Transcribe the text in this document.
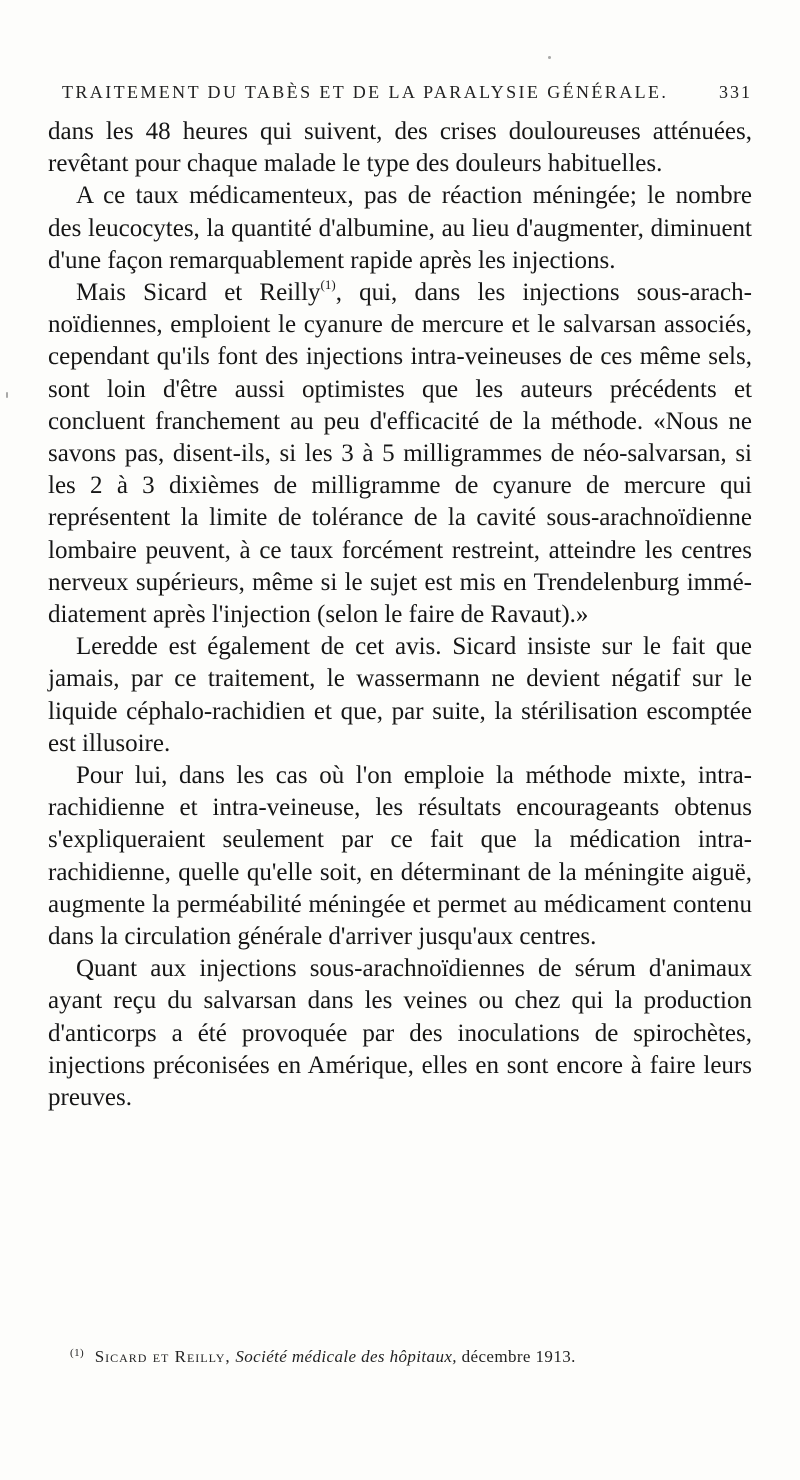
TRAITEMENT DU TABÈS ET DE LA PARALYSIE GÉNÉRALE.	331

dans les 48 heures qui suivent, des crises douloureuses atténuées, revêtant pour chaque malade le type des douleurs habituelles.

A ce taux médicamenteux, pas de réaction méningée; le nombre des leucocytes, la quantité d'albumine, au lieu d'augmenter, diminuent d'une façon remarquablement rapide après les injections.

Mais Sicard et Reilly$^{(1)}$, qui, dans les injections sous-arachnoïdiennes, emploient le cyanure de mercure et le salvarsan associés, cependant qu'ils font des injections intra-veineuses de ces même sels, sont loin d'être aussi optimistes que les auteurs précédents et concluent franchement au peu d'efficacité de la méthode. «Nous ne savons pas, disent-ils, si les 3 à 5 milligrammes de néo-salvarsan, si les 2 à 3 dixièmes de milligramme de cyanure de mercure qui représentent la limite de tolérance de la cavité sous-arachnoïdienne lombaire peuvent, à ce taux forcément restreint, atteindre les centres nerveux supérieurs, même si le sujet est mis en Trendelenburg immédiatement après l'injection (selon le faire de Ravaut).»

Leredde est également de cet avis. Sicard insiste sur le fait que jamais, par ce traitement, le wassermann ne devient négatif sur le liquide céphalo-rachidien et que, par suite, la stérilisation escomptée est illusoire.

Pour lui, dans les cas où l'on emploie la méthode mixte, intra-rachidienne et intra-veineuse, les résultats encourageants obtenus s'expliqueraient seulement par ce fait que la médication intra-rachidienne, quelle qu'elle soit, en déterminant de la méningite aiguë, augmente la perméabilité méningée et permet au médicament contenu dans la circulation générale d'arriver jusqu'aux centres.

Quant aux injections sous-arachnoïdiennes de sérum d'animaux ayant reçu du salvarsan dans les veines ou chez qui la production d'anticorps a été provoquée par des inoculations de spirochètes, injections préconisées en Amérique, elles en sont encore à faire leurs preuves.

$^{(1)}$ Sicard et Reilly, Société médicale des hôpitaux, décembre 1913.
